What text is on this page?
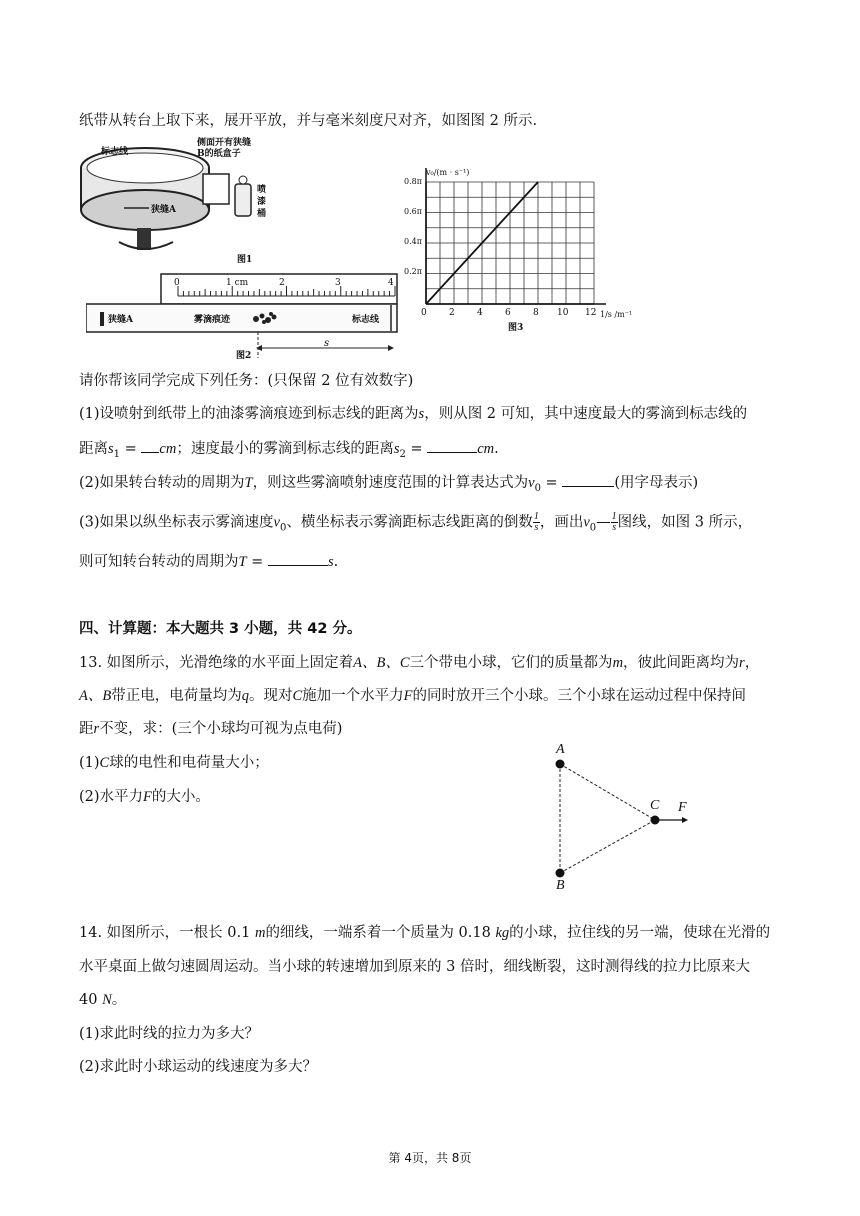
纸带从转台上取下来，展开平放，并与毫米刻度尺对齐，如图图 2 所示.
标志线
侧面开有狭缝
B的纸盒子
喷
漆
桶
狭缝A
图1
0	1 cm	2	3	4
狭缝A	雾滴痕迹	标志线
s
图2
v₀/(m · s⁻¹)
0.8π
0.6π
0.4π
0.2π
0 2 4 6 8 10 12 1/s /m⁻¹
图3
请你帮该同学完成下列任务：(只保留 2 位有效数字)
(1)设喷射到纸带上的油漆雾滴痕迹到标志线的距离为s，则从图 2 可知，其中速度最大的雾滴到标志线的
距离$s_1$ = cm；速度最小的雾滴到标志线的距离$s_2$ =	cm.
(2)如果转台转动的周期为T，则这些雾滴喷射速度范围的计算表达式为$v_0$ =	(用字母表示)
(3)如果以纵坐标表示雾滴速度$v_0$、横坐标表示雾滴距标志线距离的倒数 $\frac{1}{s}$ ，画出$v_0— \frac{1}{s}$ 图线，如图 3 所示，
则可知转台转动的周期为T =	s.
四、计算题：本大题共 3 小题，共 42 分。
13. 如图所示，光滑绝缘的水平面上固定着A、B、C三个带电小球，它们的质量都为m，彼此间距离均为r，
A、B带正电，电荷量均为q。现对C施加一个水平力F的同时放开三个小球。三个小球在运动过程中保持间
距r不变，求：(三个小球均可视为点电荷)
(1)C球的电性和电荷量大小；
(2)水平力F的大小。
A
B
C F
14. 如图所示，一根长 0.1 m的细线，一端系着一个质量为 0.18 kg的小球，拉住线的另一端，使球在光滑的
水平桌面上做匀速圆周运动。当小球的转速增加到原来的 3 倍时，细线断裂，这时测得线的拉力比原来大
40 N。
(1)求此时线的拉力为多大？
(2)求此时小球运动的线速度为多大？
第 4页，共 8页
